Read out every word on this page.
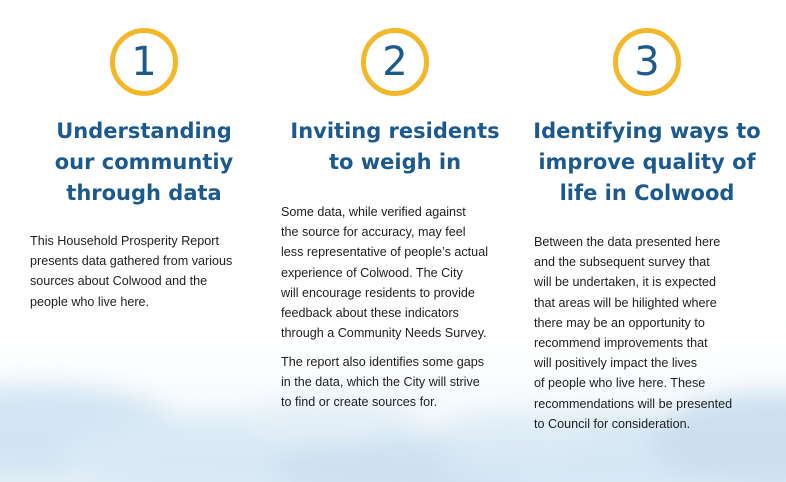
1
Understanding
our communtiy
through data

This Household Prosperity Report
presents data gathered from various
sources about Colwood and the
people who live here.

2
Inviting residents
to weigh in

Some data, while verified against
the source for accuracy, may feel
less representative of people’s actual
experience of Colwood. The City
will encourage residents to provide
feedback about these indicators
through a Community Needs Survey.

The report also identifies some gaps
in the data, which the City will strive
to find or create sources for.

3
Identifying ways to
improve quality of
life in Colwood

Between the data presented here
and the subsequent survey that
will be undertaken, it is expected
that areas will be hilighted where
there may be an opportunity to
recommend improvements that
will positively impact the lives
of people who live here. These
recommendations will be presented
to Council for consideration.
